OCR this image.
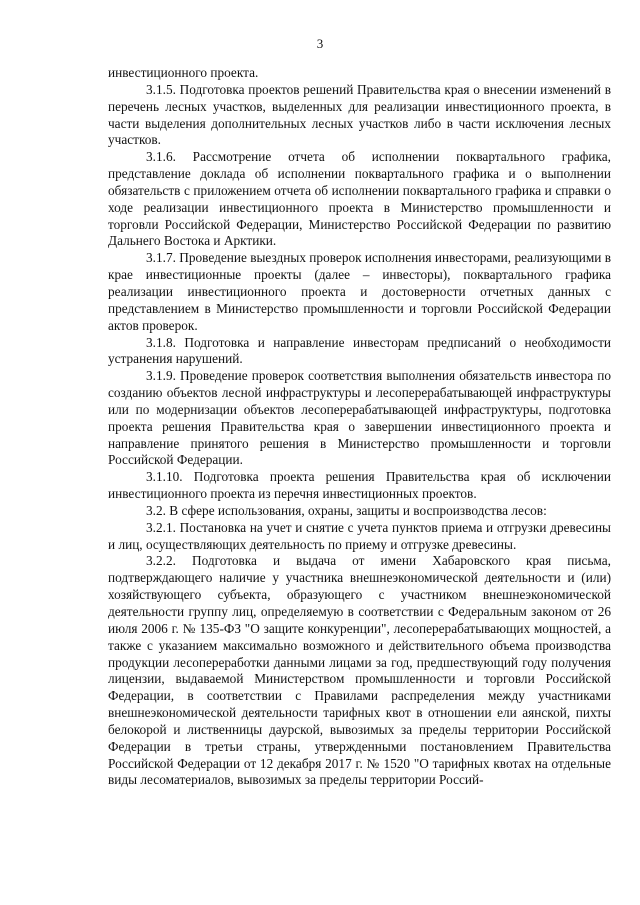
3

инвестиционного проекта.

3.1.5. Подготовка проектов решений Правительства края о внесении изменений в перечень лесных участков, выделенных для реализации инвестиционного проекта, в части выделения дополнительных лесных участков либо в части исключения лесных участков.

3.1.6. Рассмотрение отчета об исполнении поквартального графика, представление доклада об исполнении поквартального графика и о выполнении обязательств с приложением отчета об исполнении поквартального графика и справки о ходе реализации инвестиционного проекта в Министерство промышленности и торговли Российской Федерации, Министерство Российской Федерации по развитию Дальнего Востока и Арктики.

3.1.7. Проведение выездных проверок исполнения инвесторами, реализующими в крае инвестиционные проекты (далее – инвесторы), поквартального графика реализации инвестиционного проекта и достоверности отчетных данных с представлением в Министерство промышленности и торговли Российской Федерации актов проверок.

3.1.8. Подготовка и направление инвесторам предписаний о необходимости устранения нарушений.

3.1.9. Проведение проверок соответствия выполнения обязательств инвестора по созданию объектов лесной инфраструктуры и лесоперерабатывающей инфраструктуры или по модернизации объектов лесоперерабатывающей инфраструктуры, подготовка проекта решения Правительства края о завершении инвестиционного проекта и направление принятого решения в Министерство промышленности и торговли Российской Федерации.

3.1.10. Подготовка проекта решения Правительства края об исключении инвестиционного проекта из перечня инвестиционных проектов.

3.2. В сфере использования, охраны, защиты и воспроизводства лесов:

3.2.1. Постановка на учет и снятие с учета пунктов приема и отгрузки древесины и лиц, осуществляющих деятельность по приему и отгрузке древесины.

3.2.2. Подготовка и выдача от имени Хабаровского края письма, подтверждающего наличие у участника внешнеэкономической деятельности и (или) хозяйствующего субъекта, образующего с участником внешнеэкономической деятельности группу лиц, определяемую в соответствии с Федеральным законом от 26 июля 2006 г. № 135-ФЗ "О защите конкуренции", лесоперерабатывающих мощностей, а также с указанием максимально возможного и действительного объема производства продукции лесопереработки данными лицами за год, предшествующий году получения лицензии, выдаваемой Министерством промышленности и торговли Российской Федерации, в соответствии с Правилами распределения между участниками внешнеэкономической деятельности тарифных квот в отношении ели аянской, пихты белокорой и лиственницы даурской, вывозимых за пределы территории Российской Федерации в третьи страны, утвержденными постановлением Правительства Российской Федерации от 12 декабря 2017 г. № 1520 "О тарифных квотах на отдельные виды лесоматериалов, вывозимых за пределы территории Россий-
